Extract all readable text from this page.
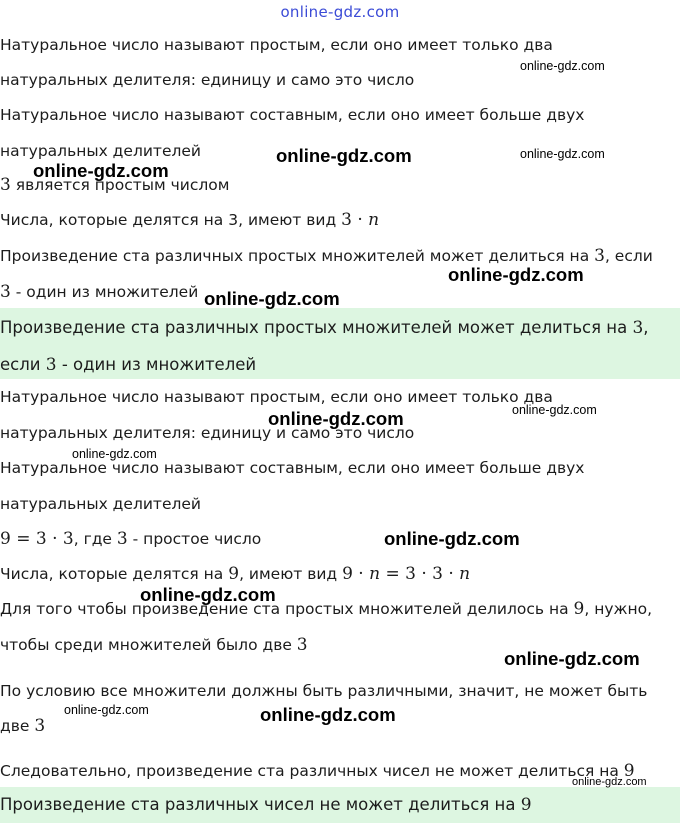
online-gdz.com
Натуральное число называют простым, если оно имеет только два
натуральных делителя: единицу и само это число
Натуральное число называют составным, если оно имеет больше двух
натуральных делителей
3 является простым числом
Числа, которые делятся на 3, имеют вид 3 · n
Произведение ста различных простых множителей может делиться на 3, если
3 - один из множителей
Произведение ста различных простых множителей может делиться на 3,
если 3 - один из множителей
Натуральное число называют простым, если оно имеет только два
натуральных делителя: единицу и само это число
Натуральное число называют составным, если оно имеет больше двух
натуральных делителей
9 = 3 · 3, где 3 - простое число
Числа, которые делятся на 9, имеют вид 9 · n = 3 · 3 · n
Для того чтобы произведение ста простых множителей делилось на 9, нужно,
чтобы среди множителей было две 3
По условию все множители должны быть различными, значит, не может быть
две 3
Следовательно, произведение ста различных чисел не может делиться на 9
Произведение ста различных чисел не может делиться на 9
online-gdz.com
online-gdz.com	online-gdz.com
online-gdz.com
online-gdz.com
online-gdz.com
online-gdz.com	online-gdz.com
online-gdz.com
online-gdz.com
online-gdz.com
online-gdz.com
online-gdz.com	online-gdz.com
online-gdz.com
